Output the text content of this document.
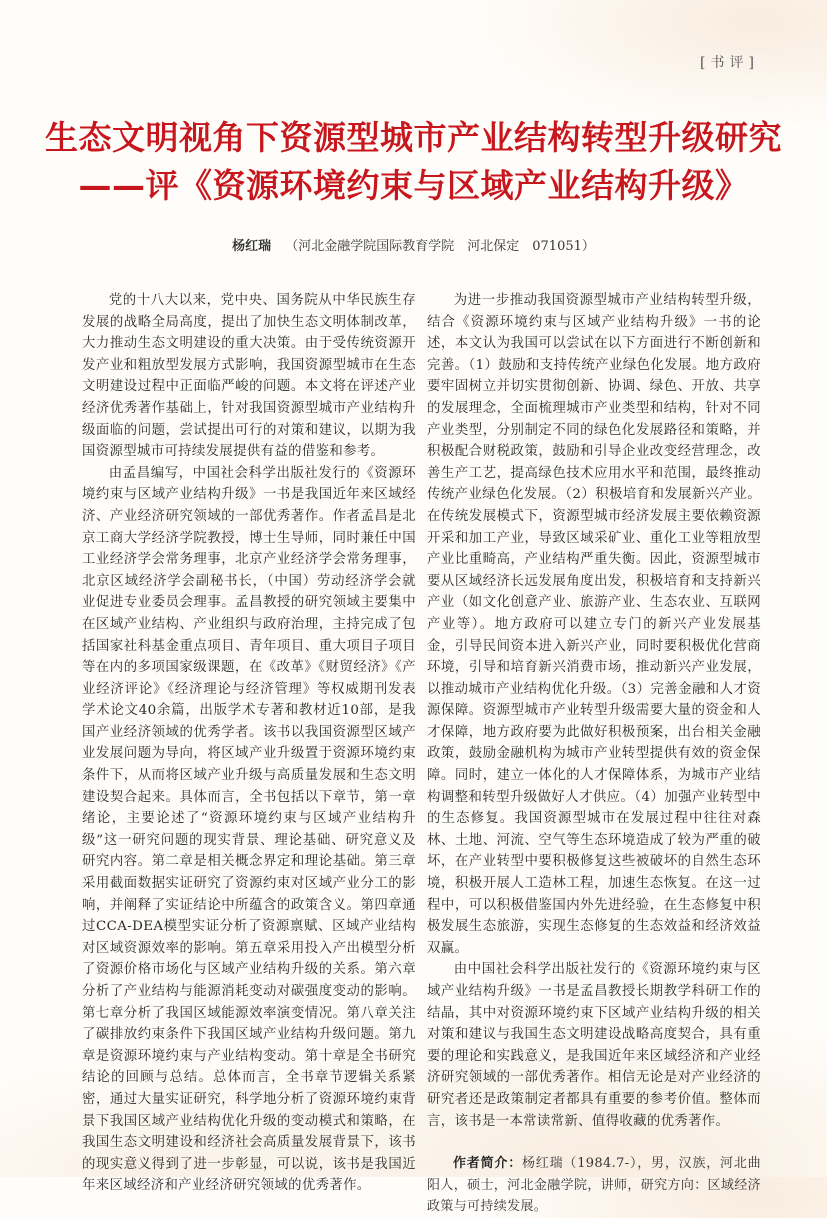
[书评]
生态文明视角下资源型城市产业结构转型升级研究
——评《资源环境约束与区域产业结构升级》
杨红瑞 （河北金融学院国际教育学院　河北保定　071051）

党的十八大以来，党中央、国务院从中华民族生存发展的战略全局高度，提出了加快生态文明体制改革，大力推动生态文明建设的重大决策。由于受传统资源开发产业和粗放型发展方式影响，我国资源型城市在生态文明建设过程中正面临严峻的问题。本文将在评述产业经济优秀著作基础上，针对我国资源型城市产业结构升级面临的问题，尝试提出可行的对策和建议，以期为我国资源型城市可持续发展提供有益的借鉴和参考。

由孟昌编写，中国社会科学出版社发行的《资源环境约束与区域产业结构升级》一书是我国近年来区域经济、产业经济研究领域的一部优秀著作。作者孟昌是北京工商大学经济学院教授，博士生导师，同时兼任中国工业经济学会常务理事，北京产业经济学会常务理事，北京区域经济学会副秘书长，（中国）劳动经济学会就业促进专业委员会理事。孟昌教授的研究领域主要集中在区域产业结构、产业组织与政府治理，主持完成了包括国家社科基金重点项目、青年项目、重大项目子项目等在内的多项国家级课题，在《改革》《财贸经济》《产业经济评论》《经济理论与经济管理》等权威期刊发表学术论文40余篇，出版学术专著和教材近10部，是我国产业经济领域的优秀学者。该书以我国资源型区域产业发展问题为导向，将区域产业升级置于资源环境约束条件下，从而将区域产业升级与高质量发展和生态文明建设契合起来。具体而言，全书包括以下章节，第一章绪论，主要论述了“资源环境约束与区域产业结构升级”这一研究问题的现实背景、理论基础、研究意义及研究内容。第二章是相关概念界定和理论基础。第三章采用截面数据实证研究了资源约束对区域产业分工的影响，并阐释了实证结论中所蕴含的政策含义。第四章通过CCA-DEA模型实证分析了资源禀赋、区域产业结构对区域资源效率的影响。第五章采用投入产出模型分析了资源价格市场化与区域产业结构升级的关系。第六章分析了产业结构与能源消耗变动对碳强度变动的影响。第七章分析了我国区域能源效率演变情况。第八章关注了碳排放约束条件下我国区域产业结构升级问题。第九章是资源环境约束与产业结构变动。第十章是全书研究结论的回顾与总结。总体而言，全书章节逻辑关系紧密，通过大量实证研究，科学地分析了资源环境约束背景下我国区域产业结构优化升级的变动模式和策略，在我国生态文明建设和经济社会高质量发展背景下，该书的现实意义得到了进一步彰显，可以说，该书是我国近年来区域经济和产业经济研究领域的优秀著作。

为进一步推动我国资源型城市产业结构转型升级，结合《资源环境约束与区域产业结构升级》一书的论述，本文认为我国可以尝试在以下方面进行不断创新和完善。（1）鼓励和支持传统产业绿色化发展。地方政府要牢固树立并切实贯彻创新、协调、绿色、开放、共享的发展理念，全面梳理城市产业类型和结构，针对不同产业类型，分别制定不同的绿色化发展路径和策略，并积极配合财税政策，鼓励和引导企业改变经营理念，改善生产工艺，提高绿色技术应用水平和范围，最终推动传统产业绿色化发展。（2）积极培育和发展新兴产业。在传统发展模式下，资源型城市经济发展主要依赖资源开采和加工产业，导致区域采矿业、重化工业等粗放型产业比重畸高，产业结构严重失衡。因此，资源型城市要从区域经济长远发展角度出发，积极培育和支持新兴产业（如文化创意产业、旅游产业、生态农业、互联网产业等）。地方政府可以建立专门的新兴产业发展基金，引导民间资本进入新兴产业，同时要积极优化营商环境，引导和培育新兴消费市场，推动新兴产业发展，以推动城市产业结构优化升级。（3）完善金融和人才资源保障。资源型城市产业转型升级需要大量的资金和人才保障，地方政府要为此做好积极预案，出台相关金融政策，鼓励金融机构为城市产业转型提供有效的资金保障。同时，建立一体化的人才保障体系，为城市产业结构调整和转型升级做好人才供应。（4）加强产业转型中的生态修复。我国资源型城市在发展过程中往往对森林、土地、河流、空气等生态环境造成了较为严重的破坏，在产业转型中要积极修复这些被破坏的自然生态环境，积极开展人工造林工程，加速生态恢复。在这一过程中，可以积极借鉴国内外先进经验，在生态修复中积极发展生态旅游，实现生态修复的生态效益和经济效益双赢。

由中国社会科学出版社发行的《资源环境约束与区域产业结构升级》一书是孟昌教授长期教学科研工作的结晶，其中对资源环境约束下区域产业结构升级的相关对策和建议与我国生态文明建设战略高度契合，具有重要的理论和实践意义，是我国近年来区域经济和产业经济研究领域的一部优秀著作。相信无论是对产业经济的研究者还是政策制定者都具有重要的参考价值。整体而言，该书是一本常读常新、值得收藏的优秀著作。

作者简介：杨红瑞（1984.7-），男，汉族，河北曲阳人，硕士，河北金融学院，讲师，研究方向：区域经济政策与可持续发展。
